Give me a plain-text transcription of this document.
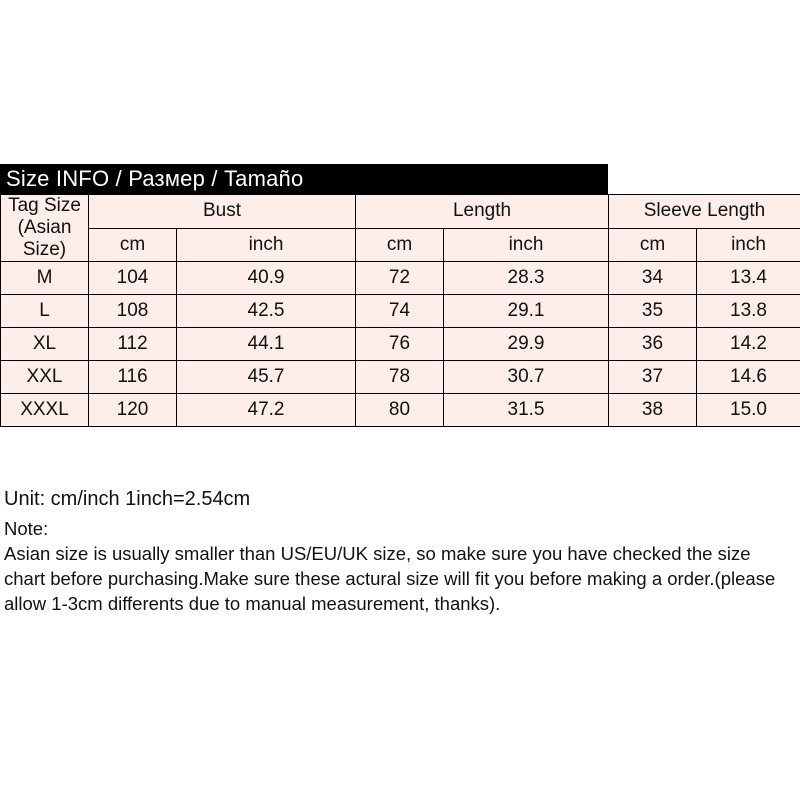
Size INFO / Размер / Tamaño
Tag Size (Asian Size)	Bust		Length		Sleeve Length	
	cm	inch	cm	inch	cm	inch
M	104	40.9	72	28.3	34	13.4
L	108	42.5	74	29.1	35	13.8
XL	112	44.1	76	29.9	36	14.2
XXL	116	45.7	78	30.7	37	14.6
XXXL	120	47.2	80	31.5	38	15.0
Unit: cm/inch 1inch=2.54cm
Note:
Asian size is usually smaller than US/EU/UK size, so make sure you have checked the size chart before purchasing.Make sure these actural size will fit you before making a order.(please allow 1-3cm differents due to manual measurement, thanks).
